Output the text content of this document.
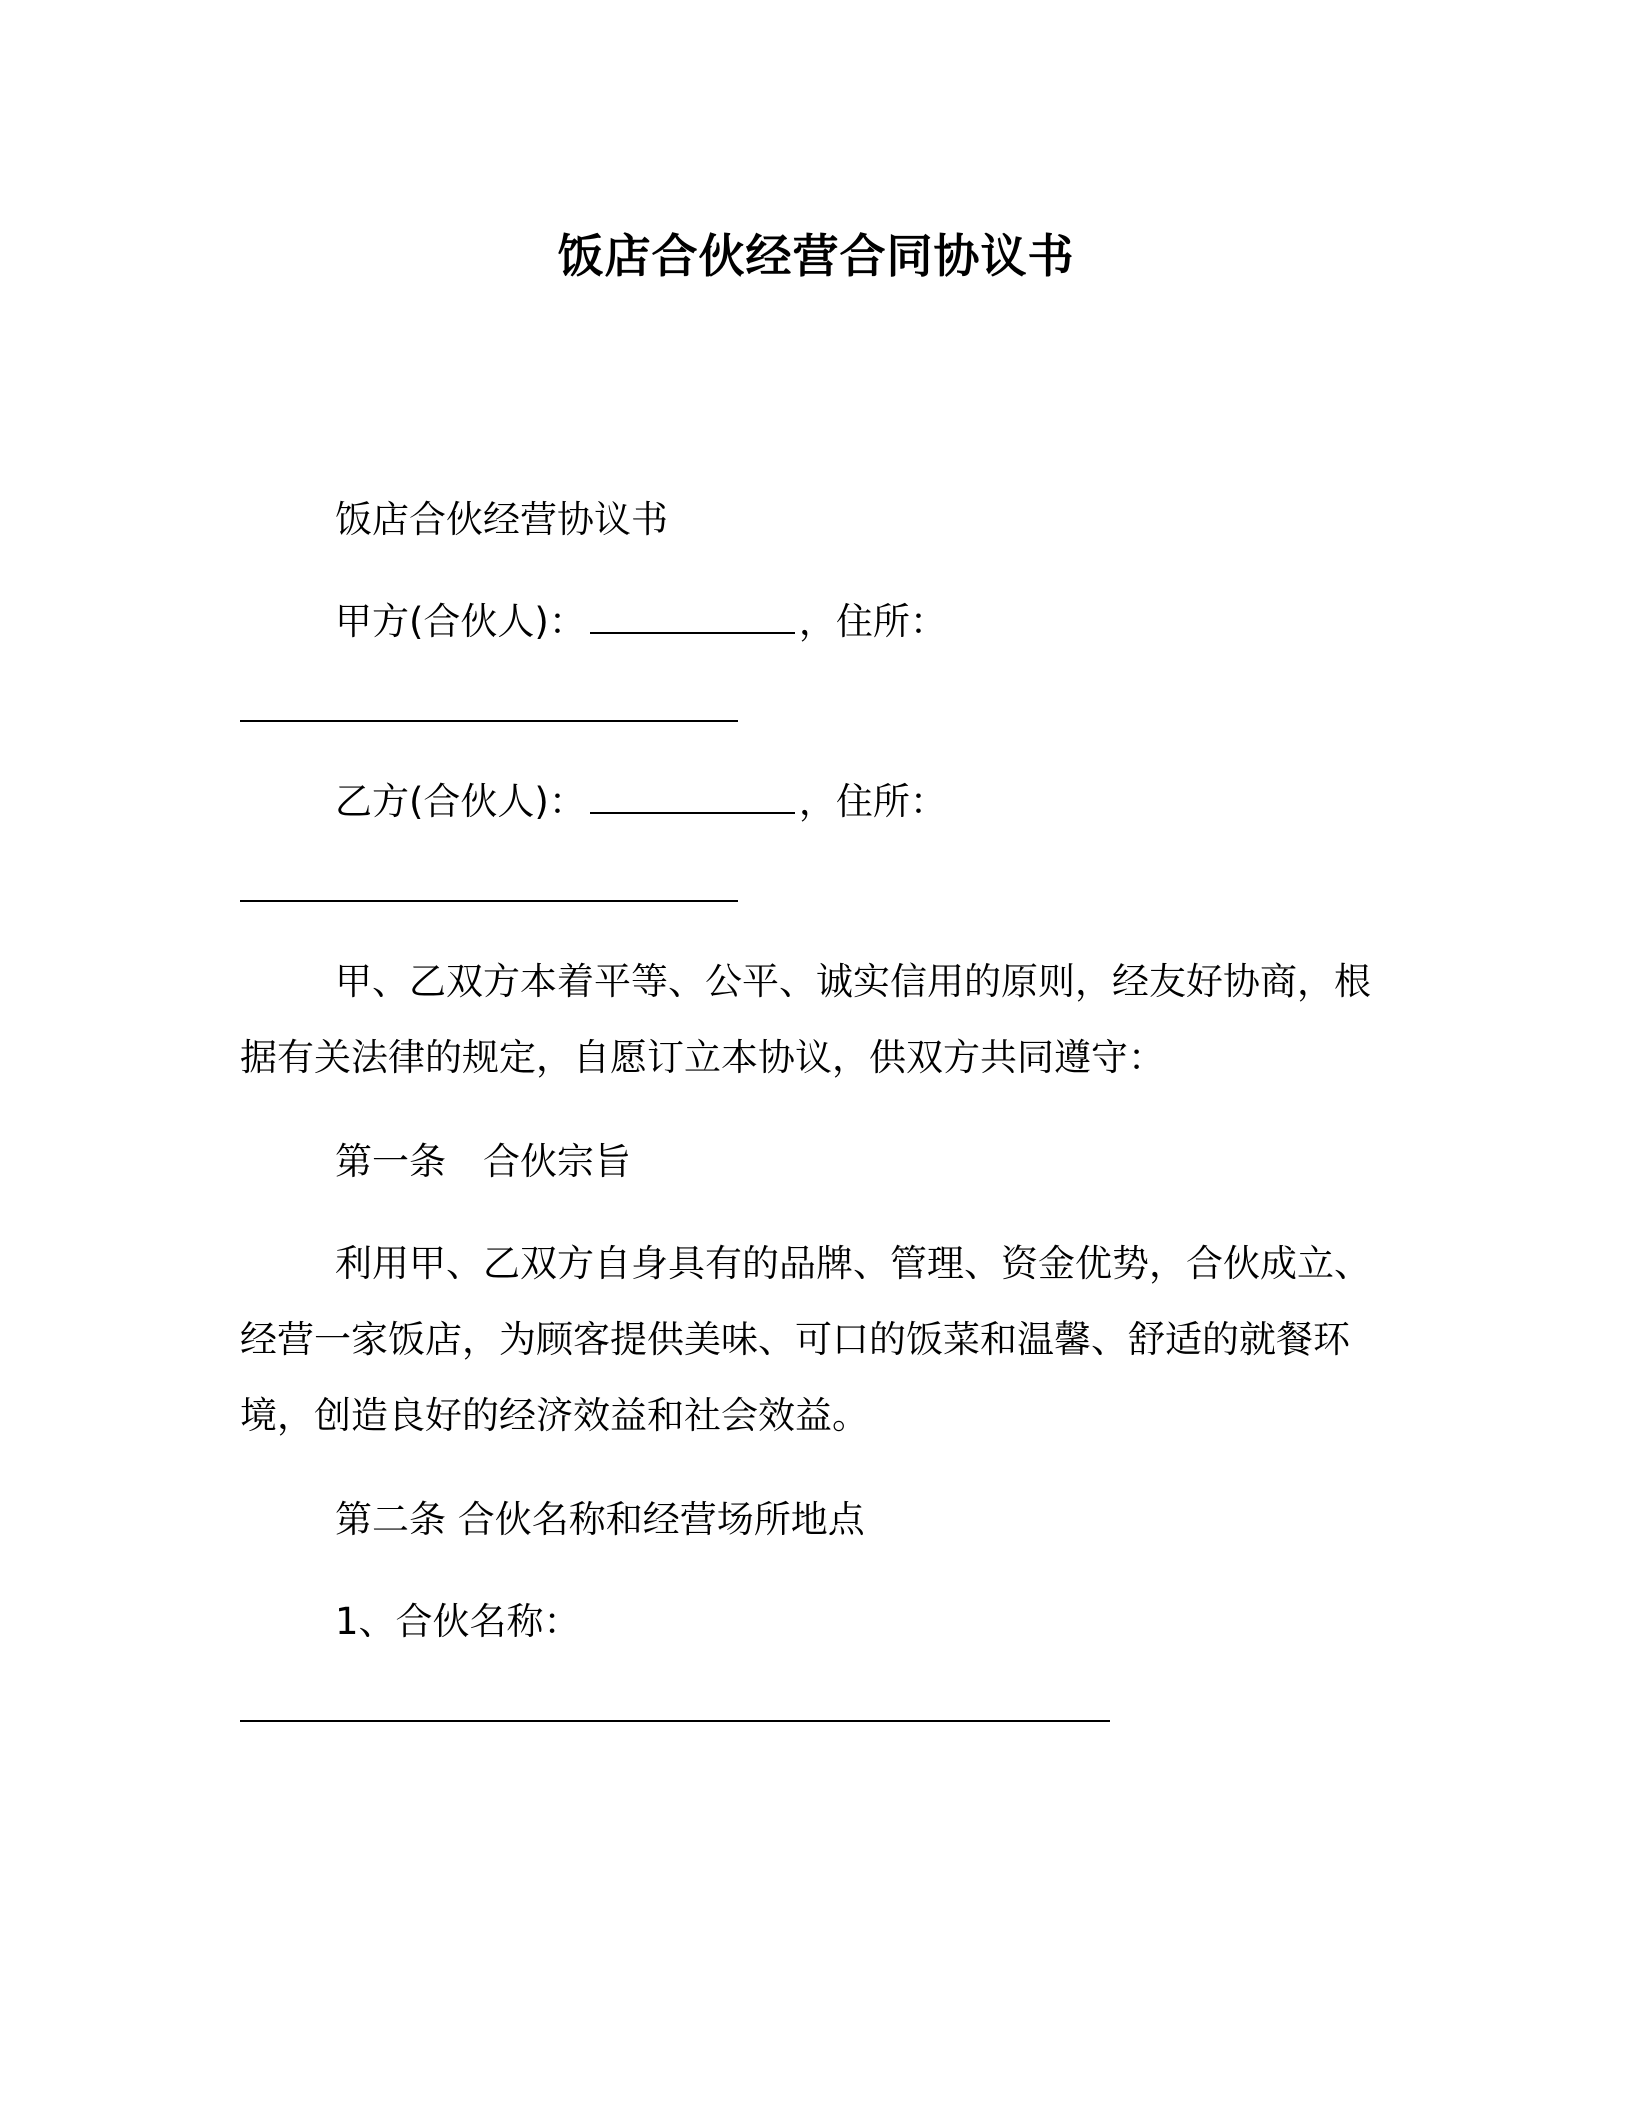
饭店合伙经营合同协议书
饭店合伙经营协议书
甲方(合伙人)：	，住所：
乙方(合伙人)：	，住所：
甲、乙双方本着平等、公平、诚实信用的原则，经友好协商，根
据有关法律的规定，自愿订立本协议，供双方共同遵守：
第一条　合伙宗旨
利用甲、乙双方自身具有的品牌、管理、资金优势，合伙成立、
经营一家饭店，为顾客提供美味、可口的饭菜和温馨、舒适的就餐环
境，创造良好的经济效益和社会效益。
第二条 合伙名称和经营场所地点
1、合伙名称：
